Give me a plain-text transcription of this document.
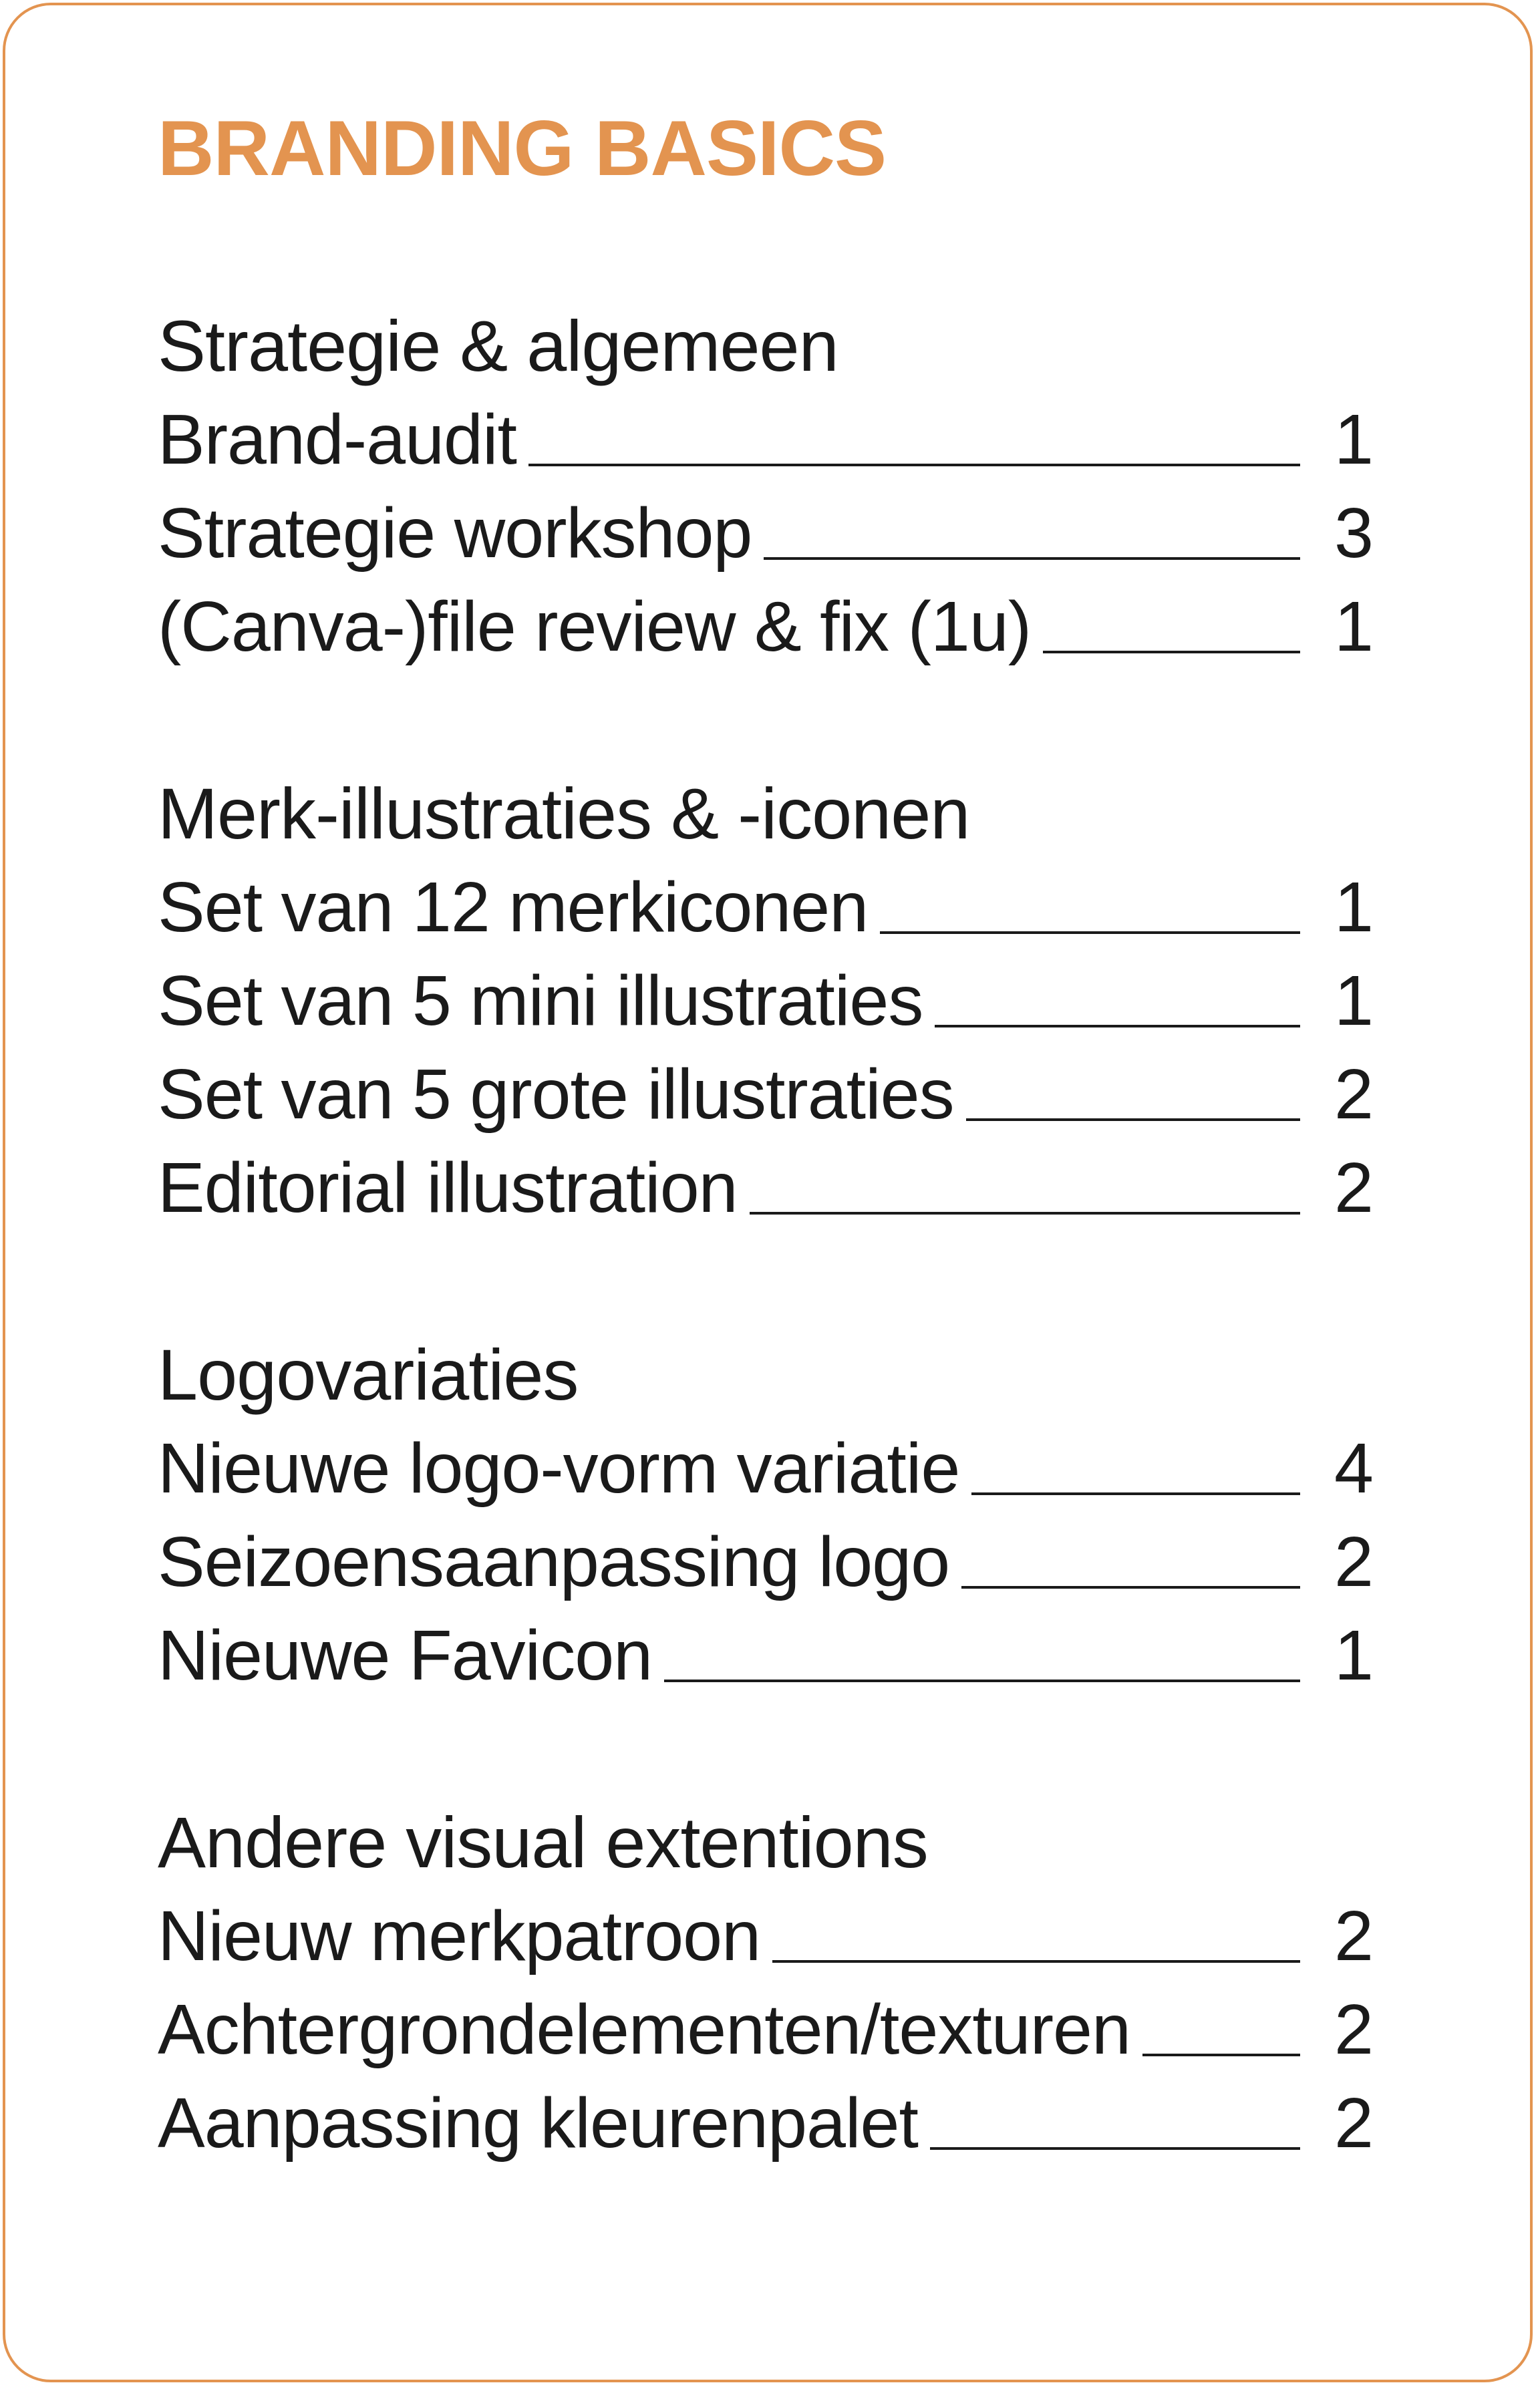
BRANDING BASICS
Strategie & algemeen
Brand-audit	1
Strategie workshop	3
(Canva-)file review & fix (1u)	1
Merk-illustraties & -iconen
Set van 12 merkiconen	1
Set van 5 mini illustraties	1
Set van 5 grote illustraties	2
Editorial illustration	2
Logovariaties
Nieuwe logo-vorm variatie	4
Seizoensaanpassing logo	2
Nieuwe Favicon	1
Andere visual extentions
Nieuw merkpatroon	2
Achtergrondelementen/texturen	2
Aanpassing kleurenpalet	2
